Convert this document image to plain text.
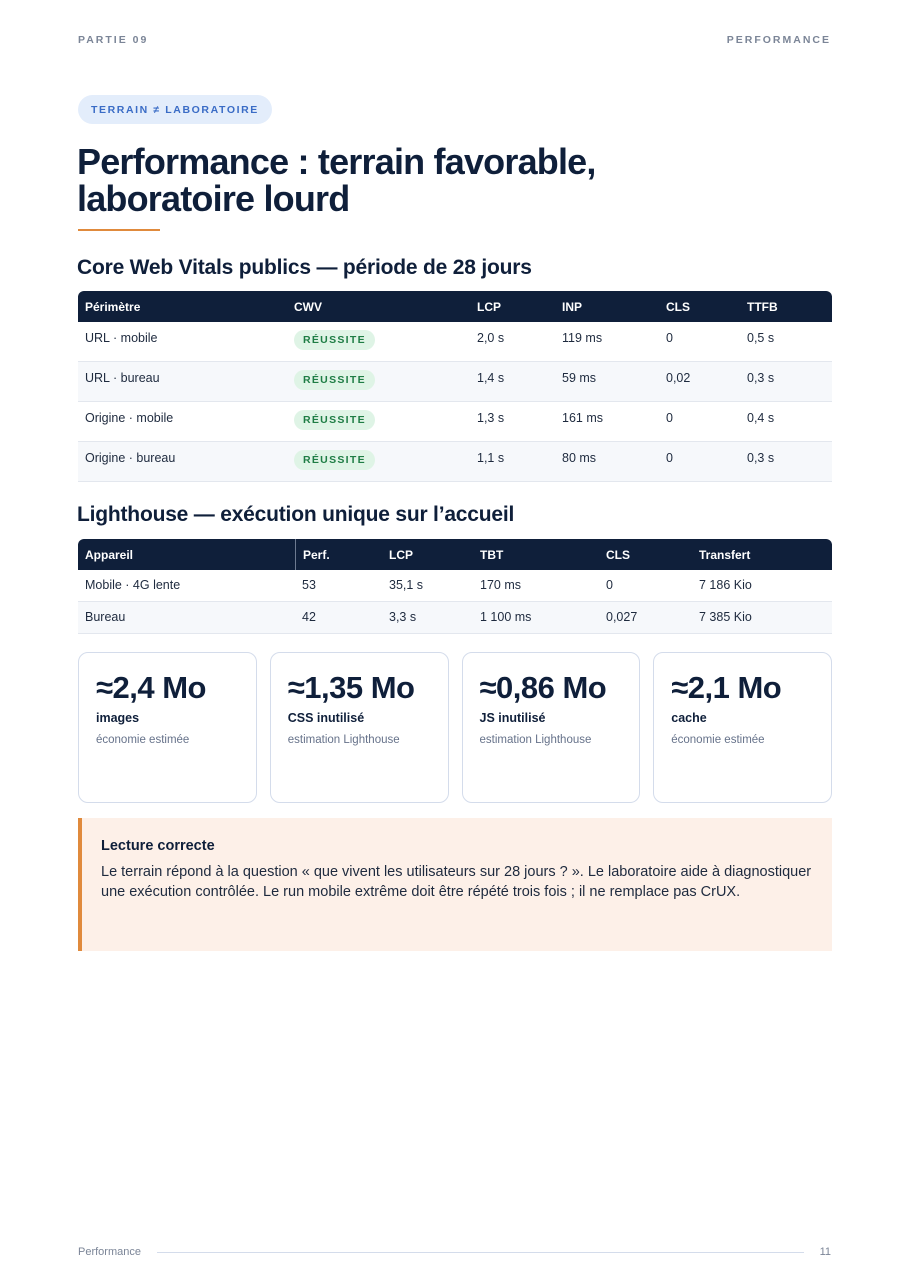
PARTIE 09	PERFORMANCE
TERRAIN ≠ LABORATOIRE
Performance : terrain favorable, laboratoire lourd
Core Web Vitals publics — période de 28 jours
Périmètre	CWV	LCP	INP	CLS	TTFB
URL · mobile	RÉUSSITE	2,0 s	119 ms	0	0,5 s
URL · bureau	RÉUSSITE	1,4 s	59 ms	0,02	0,3 s
Origine · mobile	RÉUSSITE	1,3 s	161 ms	0	0,4 s
Origine · bureau	RÉUSSITE	1,1 s	80 ms	0	0,3 s
Lighthouse — exécution unique sur l’accueil
Appareil	Perf.	LCP	TBT	CLS	Transfert
Mobile · 4G lente	53	35,1 s	170 ms	0	7 186 Kio
Bureau	42	3,3 s	1 100 ms	0,027	7 385 Kio
≈2,4 Mo
images
économie estimée
≈1,35 Mo
CSS inutilisé
estimation Lighthouse
≈0,86 Mo
JS inutilisé
estimation Lighthouse
≈2,1 Mo
cache
économie estimée
Lecture correcte
Le terrain répond à la question « que vivent les utilisateurs sur 28 jours ? ». Le laboratoire aide à diagnostiquer une exécution contrôlée. Le run mobile extrême doit être répété trois fois ; il ne remplace pas CrUX.
Performance	11
